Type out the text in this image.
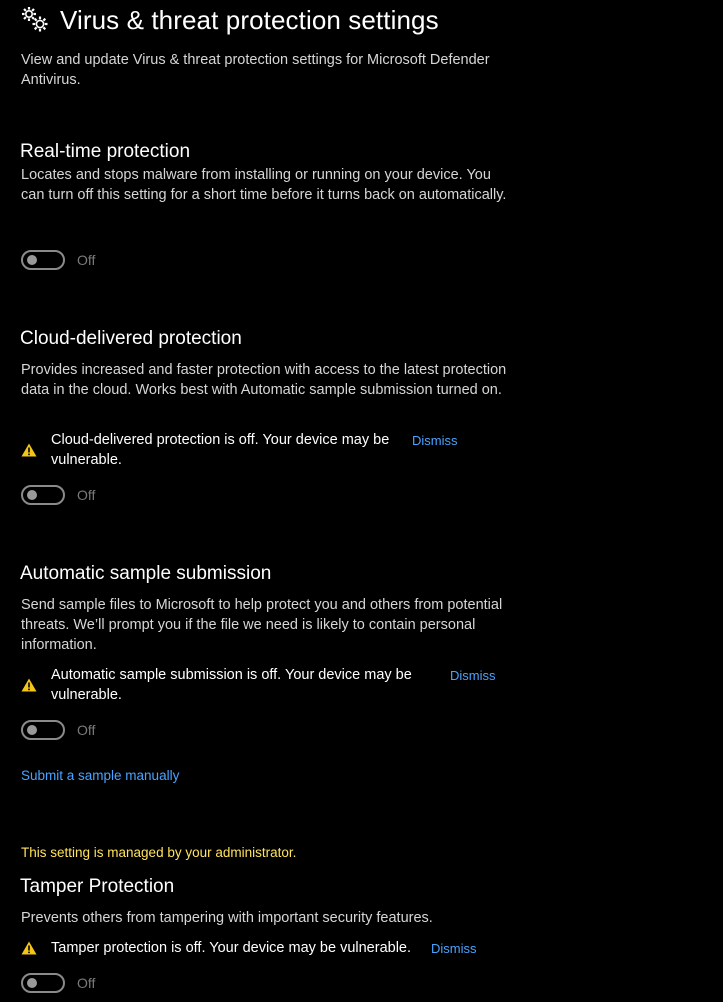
Virus & threat protection settings
View and update Virus & threat protection settings for Microsoft Defender Antivirus.
Real-time protection
Locates and stops malware from installing or running on your device. You can turn off this setting for a short time before it turns back on automatically.
Off
Cloud-delivered protection
Provides increased and faster protection with access to the latest protection data in the cloud. Works best with Automatic sample submission turned on.
Cloud-delivered protection is off. Your device may be vulnerable.
Dismiss
Off
Automatic sample submission
Send sample files to Microsoft to help protect you and others from potential threats. We’ll prompt you if the file we need is likely to contain personal information.
Automatic sample submission is off. Your device may be vulnerable.
Dismiss
Off
Submit a sample manually
This setting is managed by your administrator.
Tamper Protection
Prevents others from tampering with important security features.
Tamper protection is off. Your device may be vulnerable.	Dismiss
Off
